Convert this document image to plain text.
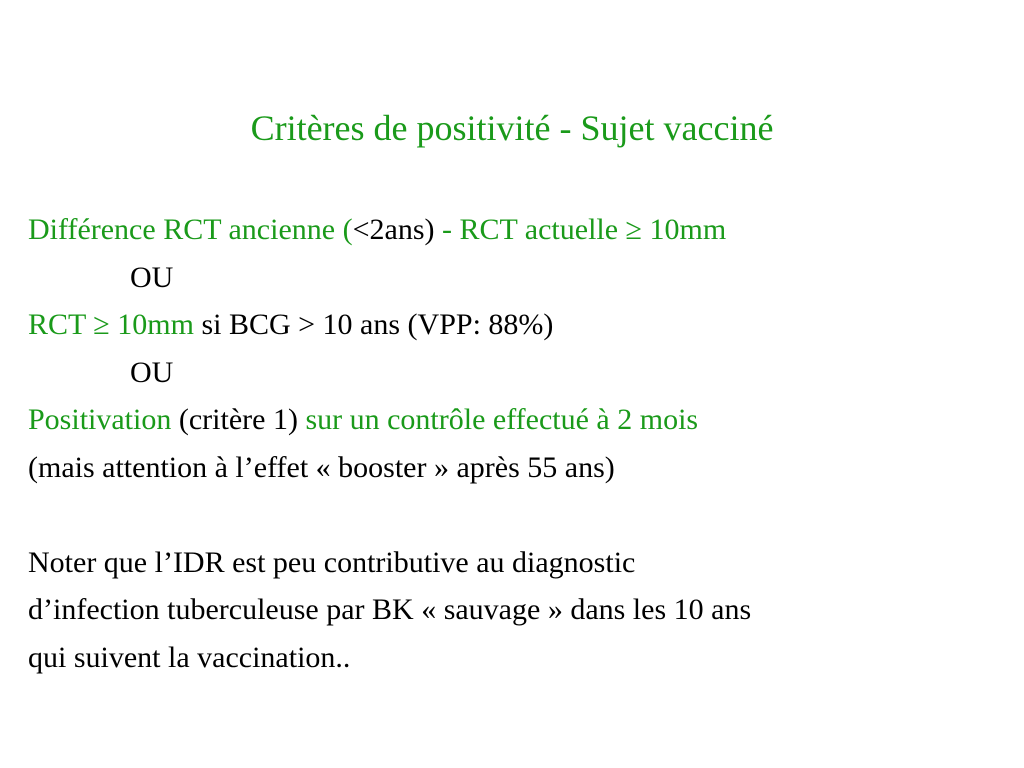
Critères de positivité - Sujet vacciné
Différence RCT ancienne (<2ans) - RCT actuelle ≥ 10mm
OU
RCT ≥ 10mm si BCG > 10 ans (VPP: 88%)
OU
Positivation (critère 1) sur un contrôle effectué à 2 mois
(mais attention à l’effet « booster » après 55 ans)
Noter que l’IDR est peu contributive au diagnostic
d’infection tuberculeuse par BK « sauvage » dans les 10 ans
qui suivent la vaccination..
